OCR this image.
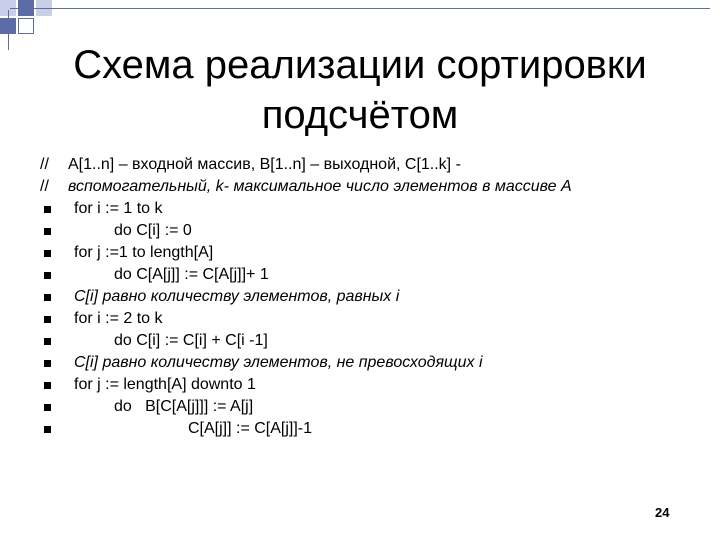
Схема реализации сортировки подсчётом
//	A[1..n] – входной массив, B[1..n] – выходной, C[1..k] -
//	вспомогательный, k- максимальное число элементов в массиве A
for i := 1 to k
do C[i] := 0
for j :=1 to length[A]
do C[A[j]] := C[A[j]]+ 1
C[i] равно количеству элементов, равных i
for i := 2 to k
do C[i] := C[i] + C[i -1]
C[i] равно количеству элементов, не превосходящих i
for j := length[A] downto 1
do   B[C[A[j]]] := A[j]
C[A[j]] := C[A[j]]-1
24
